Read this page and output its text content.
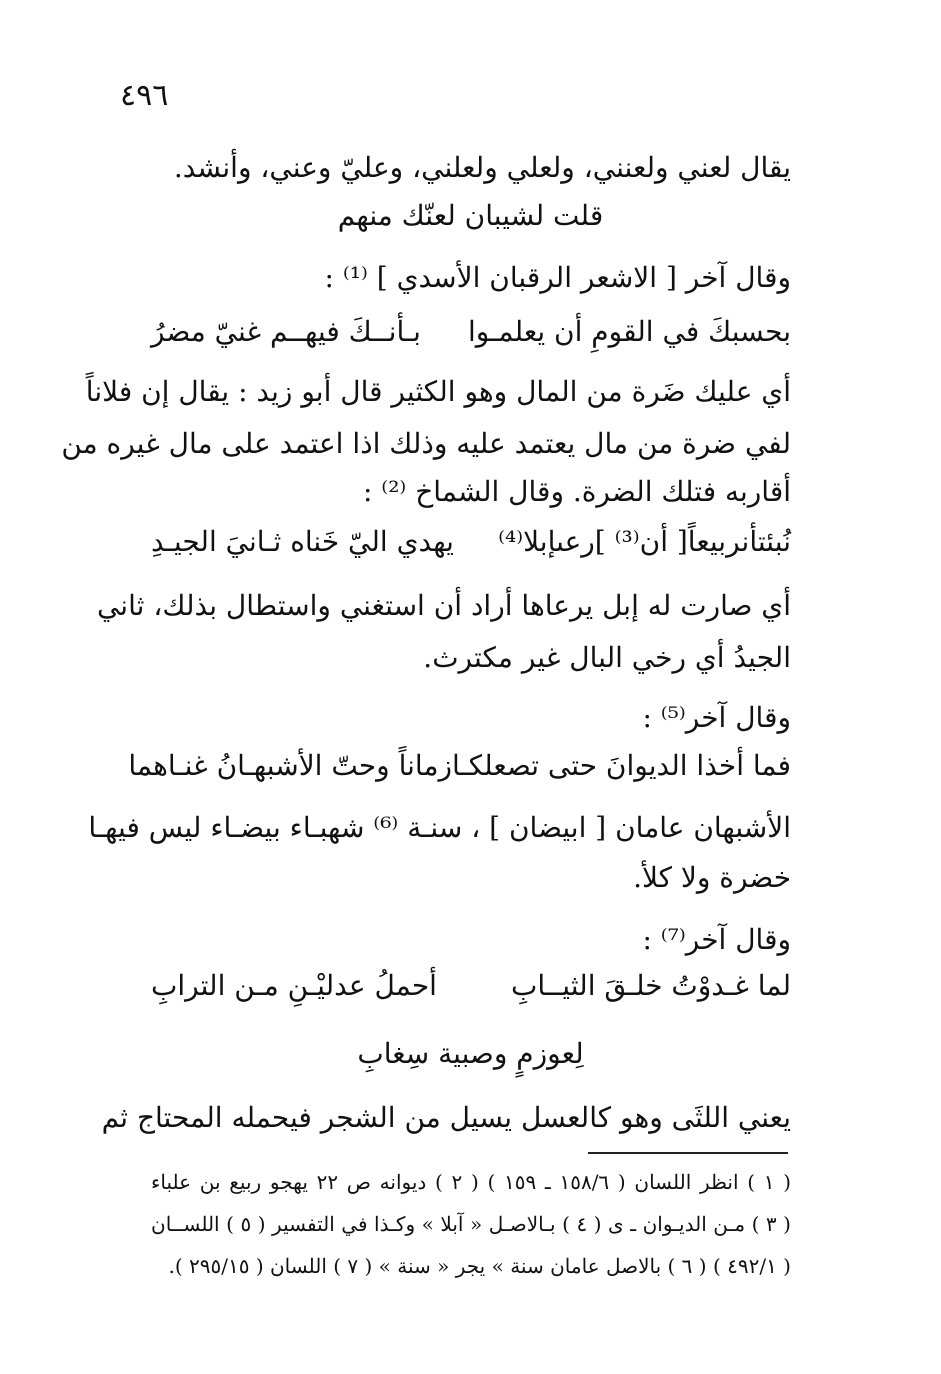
٤٩٦
يقال لعني ولعنني، ولعلي ولعلني، وعليّ وعني، وأنشد.
قلت لشيبان لعنّك منهم
وقال آخر [ الاشعر الرقبان الأسدي ] ⁽¹⁾ :
بحسبكَ في القومِ أن يعلمـوا
بـأنــكَ فيهــم غنيّ مضرُ
أي عليك ضَرة من المال وهو الكثير قال أبو زيد : يقال إن فلاناً
لفي ضرة من مال يعتمد عليه وذلك اذا اعتمد على مال غيره من
أقاربه فتلك الضرة. وقال الشماخ ⁽²⁾ :
نُبئتأنربيعاً[ أن⁽³⁾ ]رعىإبلا⁽⁴⁾
يهدي اليّ خَناه ثـانيَ الجيـدِ
أي صارت له إبل يرعاها أراد أن استغني واستطال بذلك، ثاني
الجيدُ أي رخي البال غير مكترث.
وقال آخر⁽⁵⁾ :
فما أخذا الديوانَ حتى تصعلكـا
زماناً وحتّ الأشبهـانُ غنـاهما
الأشبهان عامان [ ابيضان ] ، سنـة ⁽⁶⁾ شهبـاء بيضـاء ليس فيهـا
خضرة ولا كلأ.
وقال آخر⁽⁷⁾ :
لما غـدوْتُ خلـقَ الثيــابِ
أحملُ عدليْـنِ مـن الترابِ
لِعوزمٍ وصبية سِغابِ
يعني اللثَى وهو كالعسل يسيل من الشجر فيحمله المحتاج ثم
( ١ ) انظر اللسان ( ١٥٨/٦ ـ ١٥٩ ) ( ٢ ) ديوانه ص ٢٢ يهجو ربيع بن علباء
( ٣ ) مـن الديـوان ـ ى ( ٤ ) بـالاصـل « آبلا » وكـذا في التفسير ( ٥ ) اللســان
( ٤٩٢/١ ) ( ٦ ) بالاصل عامان سنة » يجر « سنة » ( ٧ ) اللسان ( ٢٩٥/١٥ ).
